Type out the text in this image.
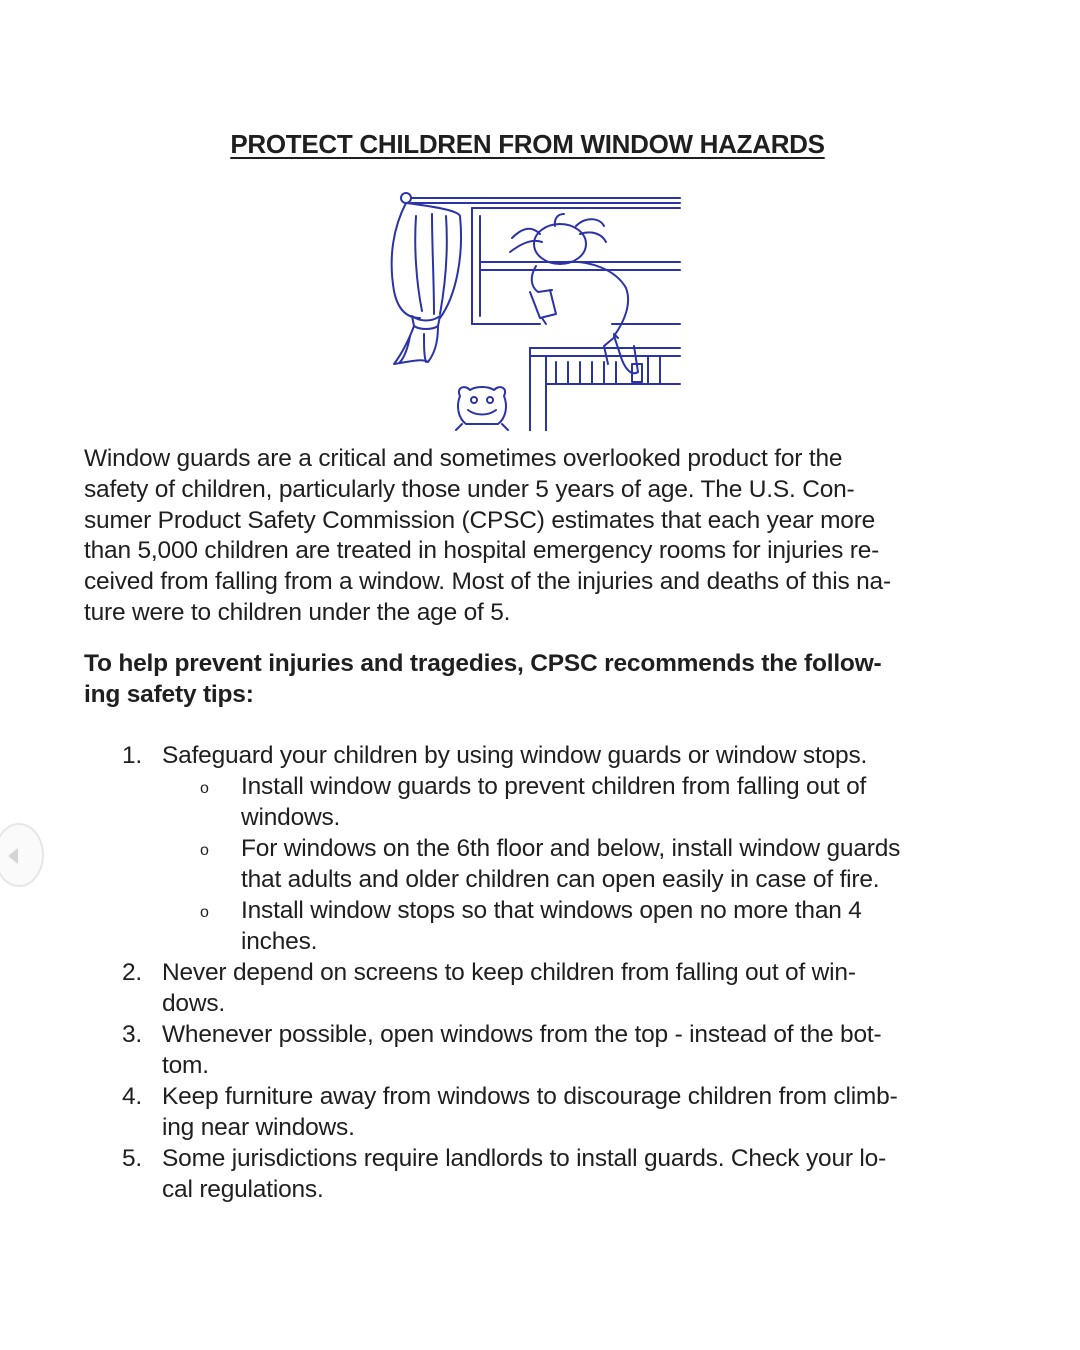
PROTECT CHILDREN FROM WINDOW HAZARDS

Window guards are a critical and sometimes overlooked product for the
safety of children, particularly those under 5 years of age. The U.S. Con-
sumer Product Safety Commission (CPSC) estimates that each year more
than 5,000 children are treated in hospital emergency rooms for injuries re-
ceived from falling from a window. Most of the injuries and deaths of this na-
ture were to children under the age of 5.

To help prevent injuries and tragedies, CPSC recommends the follow-
ing safety tips:

1. Safeguard your children by using window guards or window stops.
o Install window guards to prevent children from falling out of
windows.
o For windows on the 6th floor and below, install window guards
that adults and older children can open easily in case of fire.
o Install window stops so that windows open no more than 4
inches.
2. Never depend on screens to keep children from falling out of win-
dows.
3. Whenever possible, open windows from the top - instead of the bot-
tom.
4. Keep furniture away from windows to discourage children from climb-
ing near windows.
5. Some jurisdictions require landlords to install guards. Check your lo-
cal regulations.
